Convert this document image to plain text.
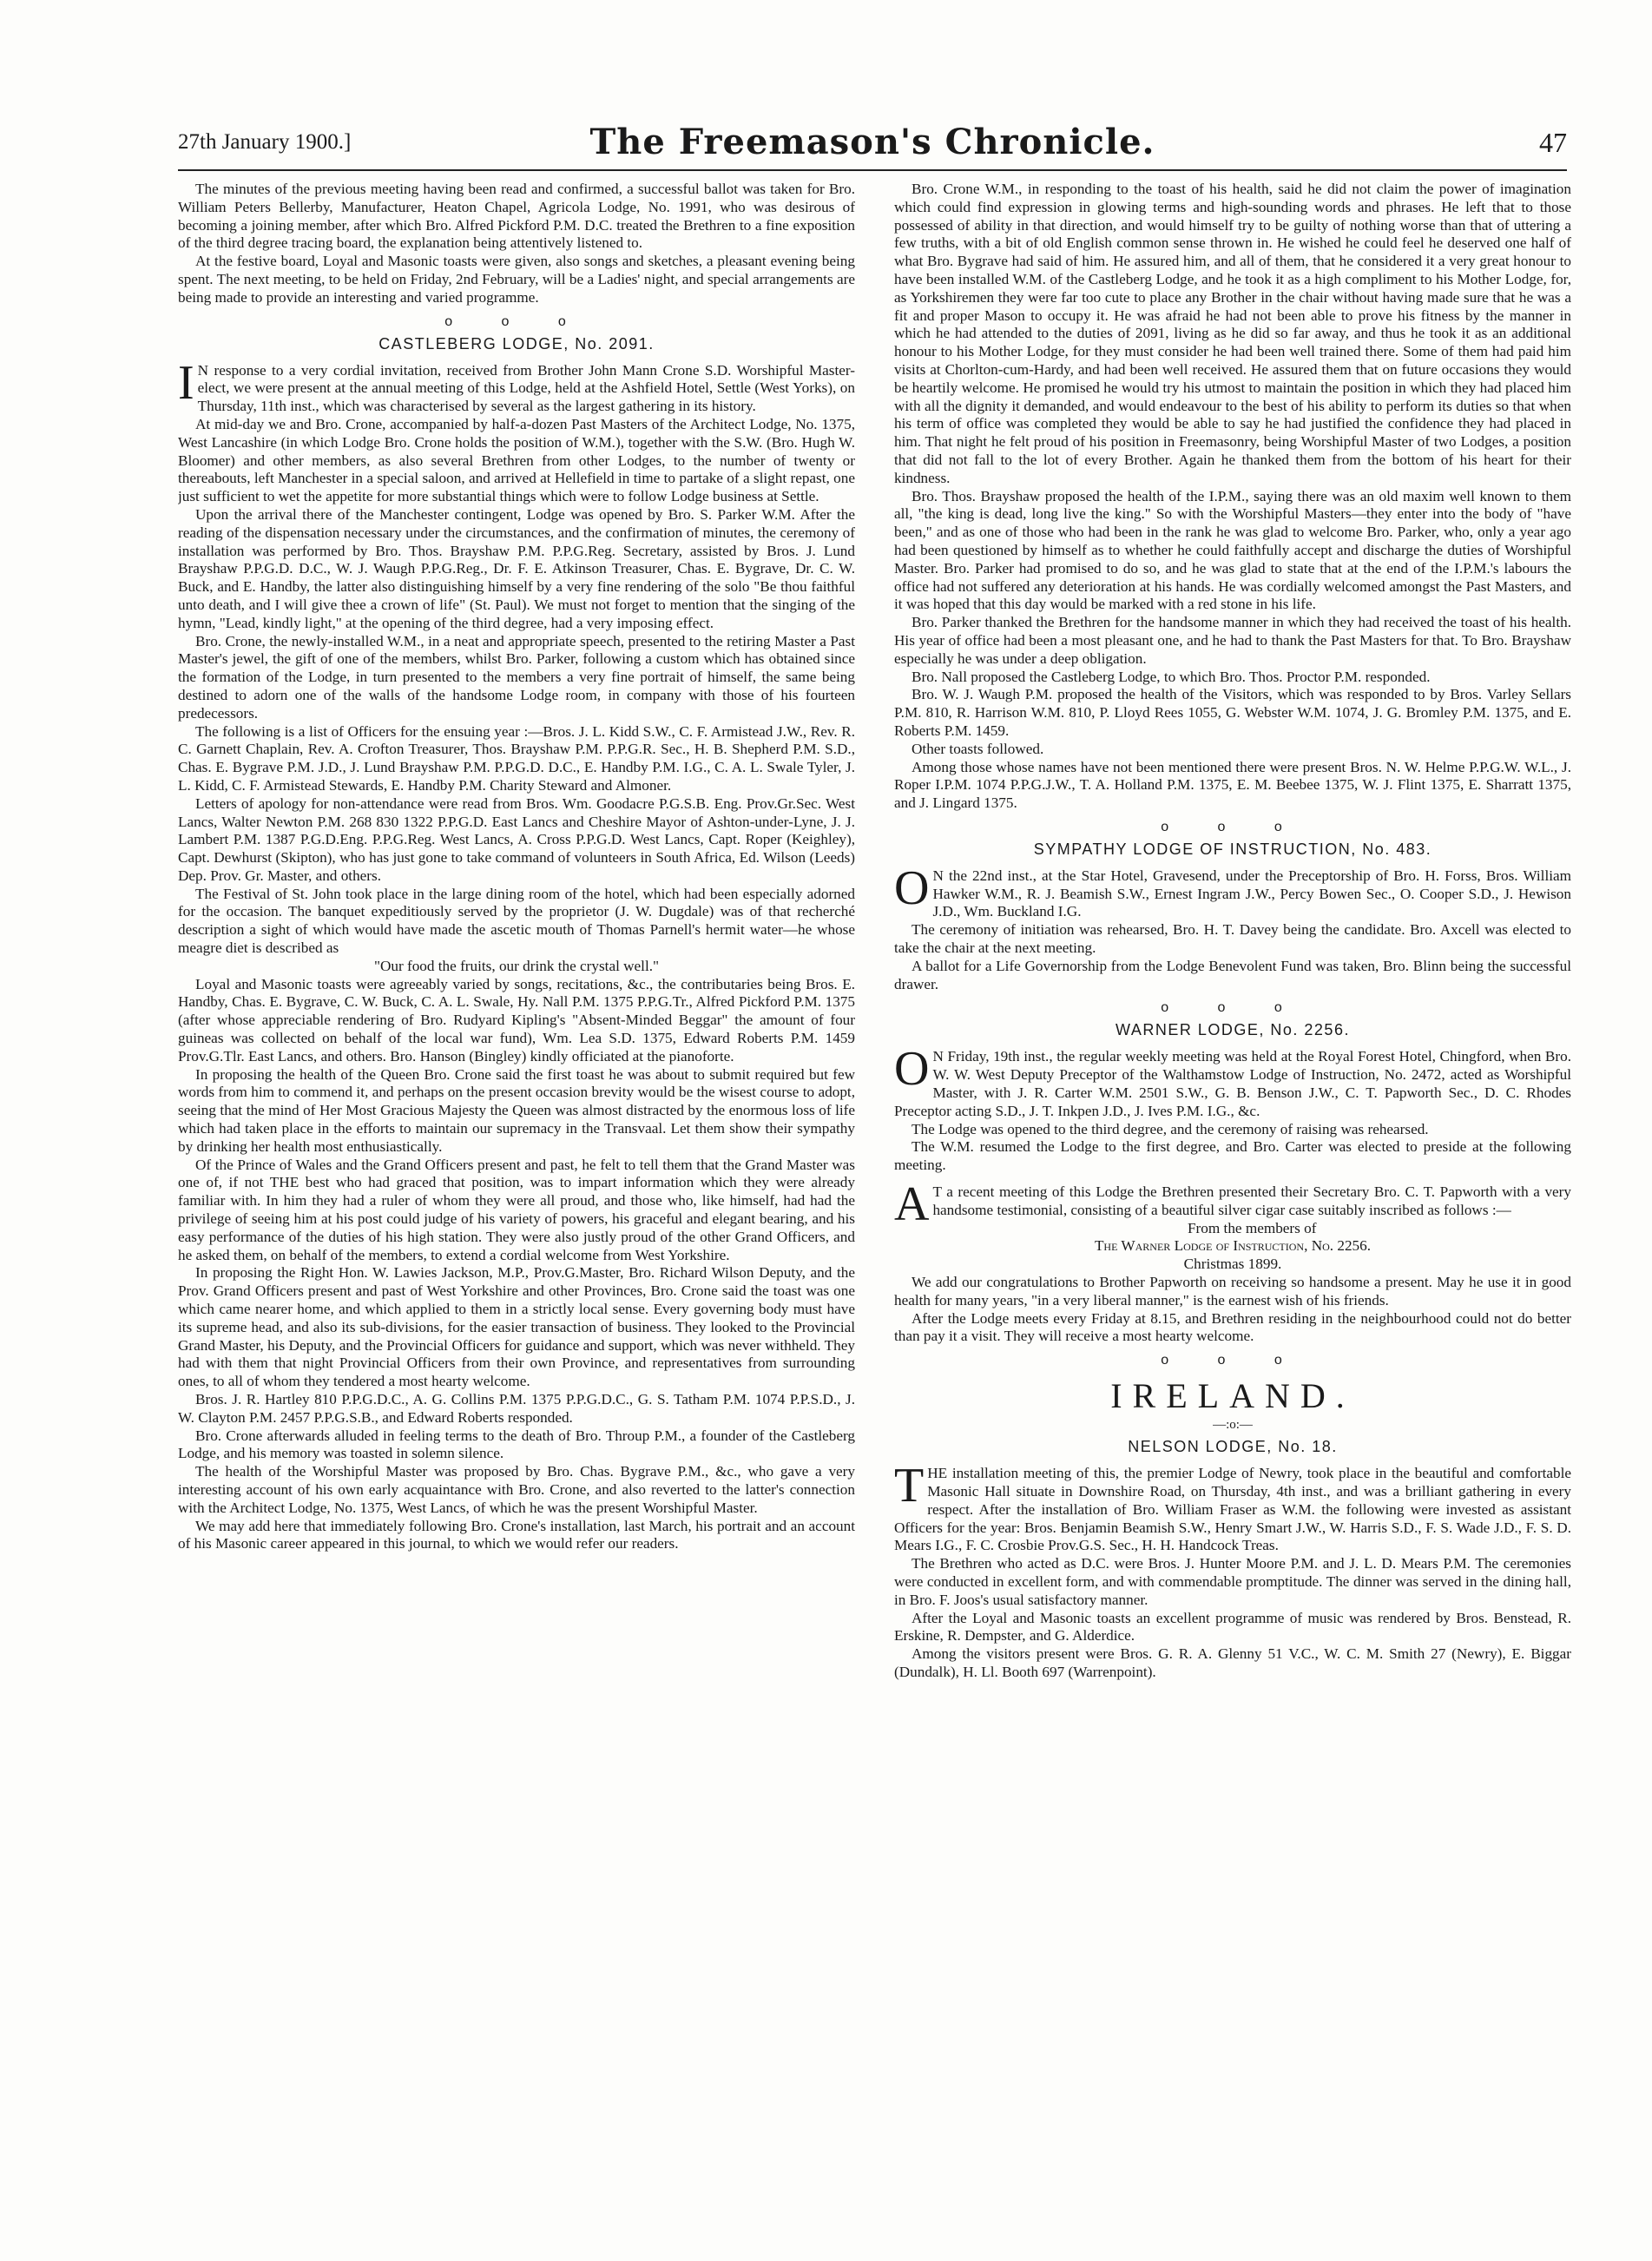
27th January 1900.]	The Freemason's Chronicle.	47

The minutes of the previous meeting having been read and confirmed, a successful ballot was taken for Bro. William Peters Bellerby, Manufacturer, Heaton Chapel, Agricola Lodge, No. 1991, who was desirous of becoming a joining member, after which Bro. Alfred Pickford P.M. D.C. treated the Brethren to a fine exposition of the third degree tracing board, the explanation being attentively listened to.

At the festive board, Loyal and Masonic toasts were given, also songs and sketches, a pleasant evening being spent. The next meeting, to be held on Friday, 2nd February, will be a Ladies' night, and special arrangements are being made to provide an interesting and varied programme.

o o o
CASTLEBERG LODGE, No. 2091.

I N response to a very cordial invitation, received from Brother John Mann Crone S.D. Worshipful Master-elect, we were present at the annual meeting of this Lodge, held at the Ashfield Hotel, Settle (West Yorks), on Thursday, 11th inst., which was characterised by several as the largest gathering in its history.

At mid-day we and Bro. Crone, accompanied by half-a-dozen Past Masters of the Architect Lodge, No. 1375, West Lancashire (in which Lodge Bro. Crone holds the position of W.M.), together with the S.W. (Bro. Hugh W. Bloomer) and other members, as also several Brethren from other Lodges, to the number of twenty or thereabouts, left Manchester in a special saloon, and arrived at Hellefield in time to partake of a slight repast, one just sufficient to wet the appetite for more substantial things which were to follow Lodge business at Settle.

Upon the arrival there of the Manchester contingent, Lodge was opened by Bro. S. Parker W.M. After the reading of the dispensation necessary under the circumstances, and the confirmation of minutes, the ceremony of installation was performed by Bro. Thos. Brayshaw P.M. P.P.G.Reg. Secretary, assisted by Bros. J. Lund Brayshaw P.P.G.D. D.C., W. J. Waugh P.P.G.Reg., Dr. F. E. Atkinson Treasurer, Chas. E. Bygrave, Dr. C. W. Buck, and E. Handby, the latter also distinguishing himself by a very fine rendering of the solo "Be thou faithful unto death, and I will give thee a crown of life" (St. Paul). We must not forget to mention that the singing of the hymn, "Lead, kindly light," at the opening of the third degree, had a very imposing effect.

Bro. Crone, the newly-installed W.M., in a neat and appropriate speech, presented to the retiring Master a Past Master's jewel, the gift of one of the members, whilst Bro. Parker, following a custom which has obtained since the formation of the Lodge, in turn presented to the members a very fine portrait of himself, the same being destined to adorn one of the walls of the handsome Lodge room, in company with those of his fourteen predecessors.

The following is a list of Officers for the ensuing year :—Bros. J. L. Kidd S.W., C. F. Armistead J.W., Rev. R. C. Garnett Chaplain, Rev. A. Crofton Treasurer, Thos. Brayshaw P.M. P.P.G.R. Sec., H. B. Shepherd P.M. S.D., Chas. E. Bygrave P.M. J.D., J. Lund Brayshaw P.M. P.P.G.D. D.C., E. Handby P.M. I.G., C. A. L. Swale Tyler, J. L. Kidd, C. F. Armistead Stewards, E. Handby P.M. Charity Steward and Almoner.

Letters of apology for non-attendance were read from Bros. Wm. Goodacre P.G.S.B. Eng. Prov.Gr.Sec. West Lancs, Walter Newton P.M. 268 830 1322 P.P.G.D. East Lancs and Cheshire Mayor of Ashton-under-Lyne, J. J. Lambert P.M. 1387 P.G.D.Eng. P.P.G.Reg. West Lancs, A. Cross P.P.G.D. West Lancs, Capt. Roper (Keighley), Capt. Dewhurst (Skipton), who has just gone to take command of volunteers in South Africa, Ed. Wilson (Leeds) Dep. Prov. Gr. Master, and others.

The Festival of St. John took place in the large dining room of the hotel, which had been especially adorned for the occasion. The banquet expeditiously served by the proprietor (J. W. Dugdale) was of that recherché description a sight of which would have made the ascetic mouth of Thomas Parnell's hermit water—he whose meagre diet is described as

"Our food the fruits, our drink the crystal well."

Loyal and Masonic toasts were agreeably varied by songs, recitations, &c., the contributaries being Bros. E. Handby, Chas. E. Bygrave, C. W. Buck, C. A. L. Swale, Hy. Nall P.M. 1375 P.P.G.Tr., Alfred Pickford P.M. 1375 (after whose appreciable rendering of Bro. Rudyard Kipling's "Absent-Minded Beggar" the amount of four guineas was collected on behalf of the local war fund), Wm. Lea S.D. 1375, Edward Roberts P.M. 1459 Prov.G.Tlr. East Lancs, and others. Bro. Hanson (Bingley) kindly officiated at the pianoforte.

In proposing the health of the Queen Bro. Crone said the first toast he was about to submit required but few words from him to commend it, and perhaps on the present occasion brevity would be the wisest course to adopt, seeing that the mind of Her Most Gracious Majesty the Queen was almost distracted by the enormous loss of life which had taken place in the efforts to maintain our supremacy in the Transvaal. Let them show their sympathy by drinking her health most enthusiastically.

Of the Prince of Wales and the Grand Officers present and past, he felt to tell them that the Grand Master was one of, if not THE best who had graced that position, was to impart information which they were already familiar with. In him they had a ruler of whom they were all proud, and those who, like himself, had had the privilege of seeing him at his post could judge of his variety of powers, his graceful and elegant bearing, and his easy performance of the duties of his high station. They were also justly proud of the other Grand Officers, and he asked them, on behalf of the members, to extend a cordial welcome from West Yorkshire.

In proposing the Right Hon. W. Lawies Jackson, M.P., Prov.G.Master, Bro. Richard Wilson Deputy, and the Prov. Grand Officers present and past of West Yorkshire and other Provinces, Bro. Crone said the toast was one which came nearer home, and which applied to them in a strictly local sense. Every governing body must have its supreme head, and also its sub-divisions, for the easier transaction of business. They looked to the Provincial Grand Master, his Deputy, and the Provincial Officers for guidance and support, which was never withheld. They had with them that night Provincial Officers from their own Province, and representatives from surrounding ones, to all of whom they tendered a most hearty welcome.

Bros. J. R. Hartley 810 P.P.G.D.C., A. G. Collins P.M. 1375 P.P.G.D.C., G. S. Tatham P.M. 1074 P.P.S.D., J. W. Clayton P.M. 2457 P.P.G.S.B., and Edward Roberts responded.

Bro. Crone afterwards alluded in feeling terms to the death of Bro. Throup P.M., a founder of the Castleberg Lodge, and his memory was toasted in solemn silence.

The health of the Worshipful Master was proposed by Bro. Chas. Bygrave P.M., &c., who gave a very interesting account of his own early acquaintance with Bro. Crone, and also reverted to the latter's connection with the Architect Lodge, No. 1375, West Lancs, of which he was the present Worshipful Master.

We may add here that immediately following Bro. Crone's installation, last March, his portrait and an account of his Masonic career appeared in this journal, to which we would refer our readers.

Bro. Crone W.M., in responding to the toast of his health, said he did not claim the power of imagination which could find expression in glowing terms and high-sounding words and phrases. He left that to those possessed of ability in that direction, and would himself try to be guilty of nothing worse than that of uttering a few truths, with a bit of old English common sense thrown in. He wished he could feel he deserved one half of what Bro. Bygrave had said of him. He assured him, and all of them, that he considered it a very great honour to have been installed W.M. of the Castleberg Lodge, and he took it as a high compliment to his Mother Lodge, for, as Yorkshiremen they were far too cute to place any Brother in the chair without having made sure that he was a fit and proper Mason to occupy it. He was afraid he had not been able to prove his fitness by the manner in which he had attended to the duties of 2091, living as he did so far away, and thus he took it as an additional honour to his Mother Lodge, for they must consider he had been well trained there. Some of them had paid him visits at Chorlton-cum-Hardy, and had been well received. He assured them that on future occasions they would be heartily welcome. He promised he would try his utmost to maintain the position in which they had placed him with all the dignity it demanded, and would endeavour to the best of his ability to perform its duties so that when his term of office was completed they would be able to say he had justified the confidence they had placed in him. That night he felt proud of his position in Freemasonry, being Worshipful Master of two Lodges, a position that did not fall to the lot of every Brother. Again he thanked them from the bottom of his heart for their kindness.

Bro. Thos. Brayshaw proposed the health of the I.P.M., saying there was an old maxim well known to them all, "the king is dead, long live the king." So with the Worshipful Masters—they enter into the body of "have been," and as one of those who had been in the rank he was glad to welcome Bro. Parker, who, only a year ago had been questioned by himself as to whether he could faithfully accept and discharge the duties of Worshipful Master. Bro. Parker had promised to do so, and he was glad to state that at the end of the I.P.M.'s labours the office had not suffered any deterioration at his hands. He was cordially welcomed amongst the Past Masters, and it was hoped that this day would be marked with a red stone in his life.

Bro. Parker thanked the Brethren for the handsome manner in which they had received the toast of his health. His year of office had been a most pleasant one, and he had to thank the Past Masters for that. To Bro. Brayshaw especially he was under a deep obligation.

Bro. Nall proposed the Castleberg Lodge, to which Bro. Thos. Proctor P.M. responded.

Bro. W. J. Waugh P.M. proposed the health of the Visitors, which was responded to by Bros. Varley Sellars P.M. 810, R. Harrison W.M. 810, P. Lloyd Rees 1055, G. Webster W.M. 1074, J. G. Bromley P.M. 1375, and E. Roberts P.M. 1459.

Other toasts followed.

Among those whose names have not been mentioned there were present Bros. N. W. Helme P.P.G.W. W.L., J. Roper I.P.M. 1074 P.P.G.J.W., T. A. Holland P.M. 1375, E. M. Beebee 1375, W. J. Flint 1375, E. Sharratt 1375, and J. Lingard 1375.

o o o
SYMPATHY LODGE OF INSTRUCTION, No. 483.

O N the 22nd inst., at the Star Hotel, Gravesend, under the Preceptorship of Bro. H. Forss, Bros. William Hawker W.M., R. J. Beamish S.W., Ernest Ingram J.W., Percy Bowen Sec., O. Cooper S.D., J. Hewison J.D., Wm. Buckland I.G.

The ceremony of initiation was rehearsed, Bro. H. T. Davey being the candidate. Bro. Axcell was elected to take the chair at the next meeting.

A ballot for a Life Governorship from the Lodge Benevolent Fund was taken, Bro. Blinn being the successful drawer.

o o o
WARNER LODGE, No. 2256.

O N Friday, 19th inst., the regular weekly meeting was held at the Royal Forest Hotel, Chingford, when Bro. W. W. West Deputy Preceptor of the Walthamstow Lodge of Instruction, No. 2472, acted as Worshipful Master, with J. R. Carter W.M. 2501 S.W., G. B. Benson J.W., C. T. Papworth Sec., D. C. Rhodes Preceptor acting S.D., J. T. Inkpen J.D., J. Ives P.M. I.G., &c.

The Lodge was opened to the third degree, and the ceremony of raising was rehearsed.

The W.M. resumed the Lodge to the first degree, and Bro. Carter was elected to preside at the following meeting.

A T a recent meeting of this Lodge the Brethren presented their Secretary Bro. C. T. Papworth with a very handsome testimonial, consisting of a beautiful silver cigar case suitably inscribed as follows :—

From the members of

The Warner Lodge of Instruction, No. 2256.

Christmas 1899.

We add our congratulations to Brother Papworth on receiving so handsome a present. May he use it in good health for many years, "in a very liberal manner," is the earnest wish of his friends.

After the Lodge meets every Friday at 8.15, and Brethren residing in the neighbourhood could not do better than pay it a visit. They will receive a most hearty welcome.

o o o
IRELAND.
—:o:—
NELSON LODGE, No. 18.

THE installation meeting of this, the premier Lodge of Newry, took place in the beautiful and comfortable Masonic Hall situate in Downshire Road, on Thursday, 4th inst., and was a brilliant gathering in every respect. After the installation of Bro. William Fraser as W.M. the following were invested as assistant Officers for the year: Bros. Benjamin Beamish S.W., Henry Smart J.W., W. Harris S.D., F. S. Wade J.D., F. S. D. Mears I.G., F. C. Crosbie Prov.G.S. Sec., H. H. Handcock Treas.

The Brethren who acted as D.C. were Bros. J. Hunter Moore P.M. and J. L. D. Mears P.M. The ceremonies were conducted in excellent form, and with commendable promptitude. The dinner was served in the dining hall, in Bro. F. Joos's usual satisfactory manner.

After the Loyal and Masonic toasts an excellent programme of music was rendered by Bros. Benstead, R. Erskine, R. Dempster, and G. Alderdice.

Among the visitors present were Bros. G. R. A. Glenny 51 V.C., W. C. M. Smith 27 (Newry), E. Biggar (Dundalk), H. Ll. Booth 697 (Warrenpoint).
